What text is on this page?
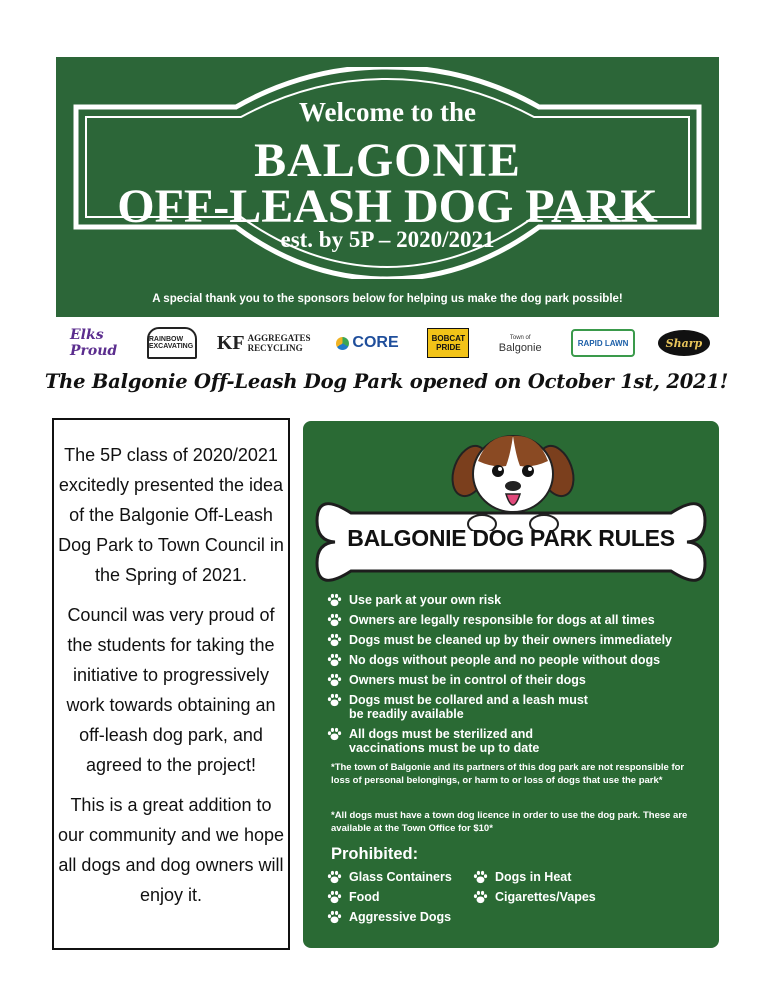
Welcome to the
BALGONIE
OFF-LEASH DOG PARK
est. by 5P – 2020/2021
A special thank you to the sponsors below for helping us make the dog park possible!
Elks Proud
RAINBOW EXCAVATING KF AGGREGATES
RECYCLING	CORE	BOBCAT
PRIDE
Town of
Balgonie	RAPID LAWN	Sharp
The Balgonie Off-Leash Dog Park opened on October 1st, 2021!

The 5P class of 2020/2021 excitedly presented the idea of the Balgonie Off-Leash Dog Park to Town Council in the Spring of 2021.

Council was very proud of the students for taking the initiative to progressively work towards obtaining an off-leash dog park, and agreed to the project!

This is a great addition to our community and we hope all dogs and dog owners will enjoy it.

BALGONIE DOG PARK RULES
Use park at your own risk
Owners are legally responsible for dogs at all times
Dogs must be cleaned up by their owners immediately
No dogs without people and no people without dogs
Owners must be in control of their dogs
Dogs must be collared and a leash must be readily available
All dogs must be sterilized and vaccinations must be up to date
*The town of Balgonie and its partners of this dog park are not responsible for loss of personal belongings, or harm to or loss of dogs that use the park*
*All dogs must have a town dog licence in order to use the dog park. These are available at the Town Office for $10*
Prohibited:
Glass Containers
Food
Aggressive Dogs
Dogs in Heat
Cigarettes/Vapes
